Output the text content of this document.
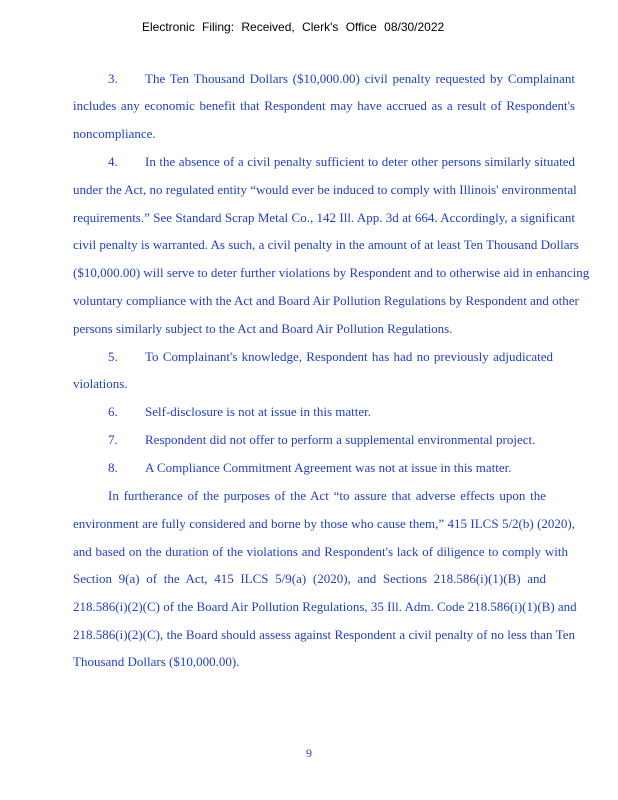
Electronic Filing: Received, Clerk's Office 08/30/2022
3. The Ten Thousand Dollars ($10,000.00) civil penalty requested by Complainant
includes any economic benefit that Respondent may have accrued as a result of Respondent's
noncompliance.
4. In the absence of a civil penalty sufficient to deter other persons similarly situated
under the Act, no regulated entity “would ever be induced to comply with Illinois' environmental
requirements.” See Standard Scrap Metal Co., 142 Ill. App. 3d at 664. Accordingly, a significant
civil penalty is warranted. As such, a civil penalty in the amount of at least Ten Thousand Dollars
($10,000.00) will serve to deter further violations by Respondent and to otherwise aid in enhancing
voluntary compliance with the Act and Board Air Pollution Regulations by Respondent and other
persons similarly subject to the Act and Board Air Pollution Regulations.
5. To Complainant's knowledge, Respondent has had no previously adjudicated
violations.
6. Self-disclosure is not at issue in this matter.
7. Respondent did not offer to perform a supplemental environmental project.
8. A Compliance Commitment Agreement was not at issue in this matter.
In furtherance of the purposes of the Act “to assure that adverse effects upon the
environment are fully considered and borne by those who cause them,” 415 ILCS 5/2(b) (2020),
and based on the duration of the violations and Respondent's lack of diligence to comply with
Section 9(a) of the Act, 415 ILCS 5/9(a) (2020), and Sections 218.586(i)(1)(B) and
218.586(i)(2)(C) of the Board Air Pollution Regulations, 35 Ill. Adm. Code 218.586(i)(1)(B) and
218.586(i)(2)(C), the Board should assess against Respondent a civil penalty of no less than Ten
Thousand Dollars ($10,000.00).
9
